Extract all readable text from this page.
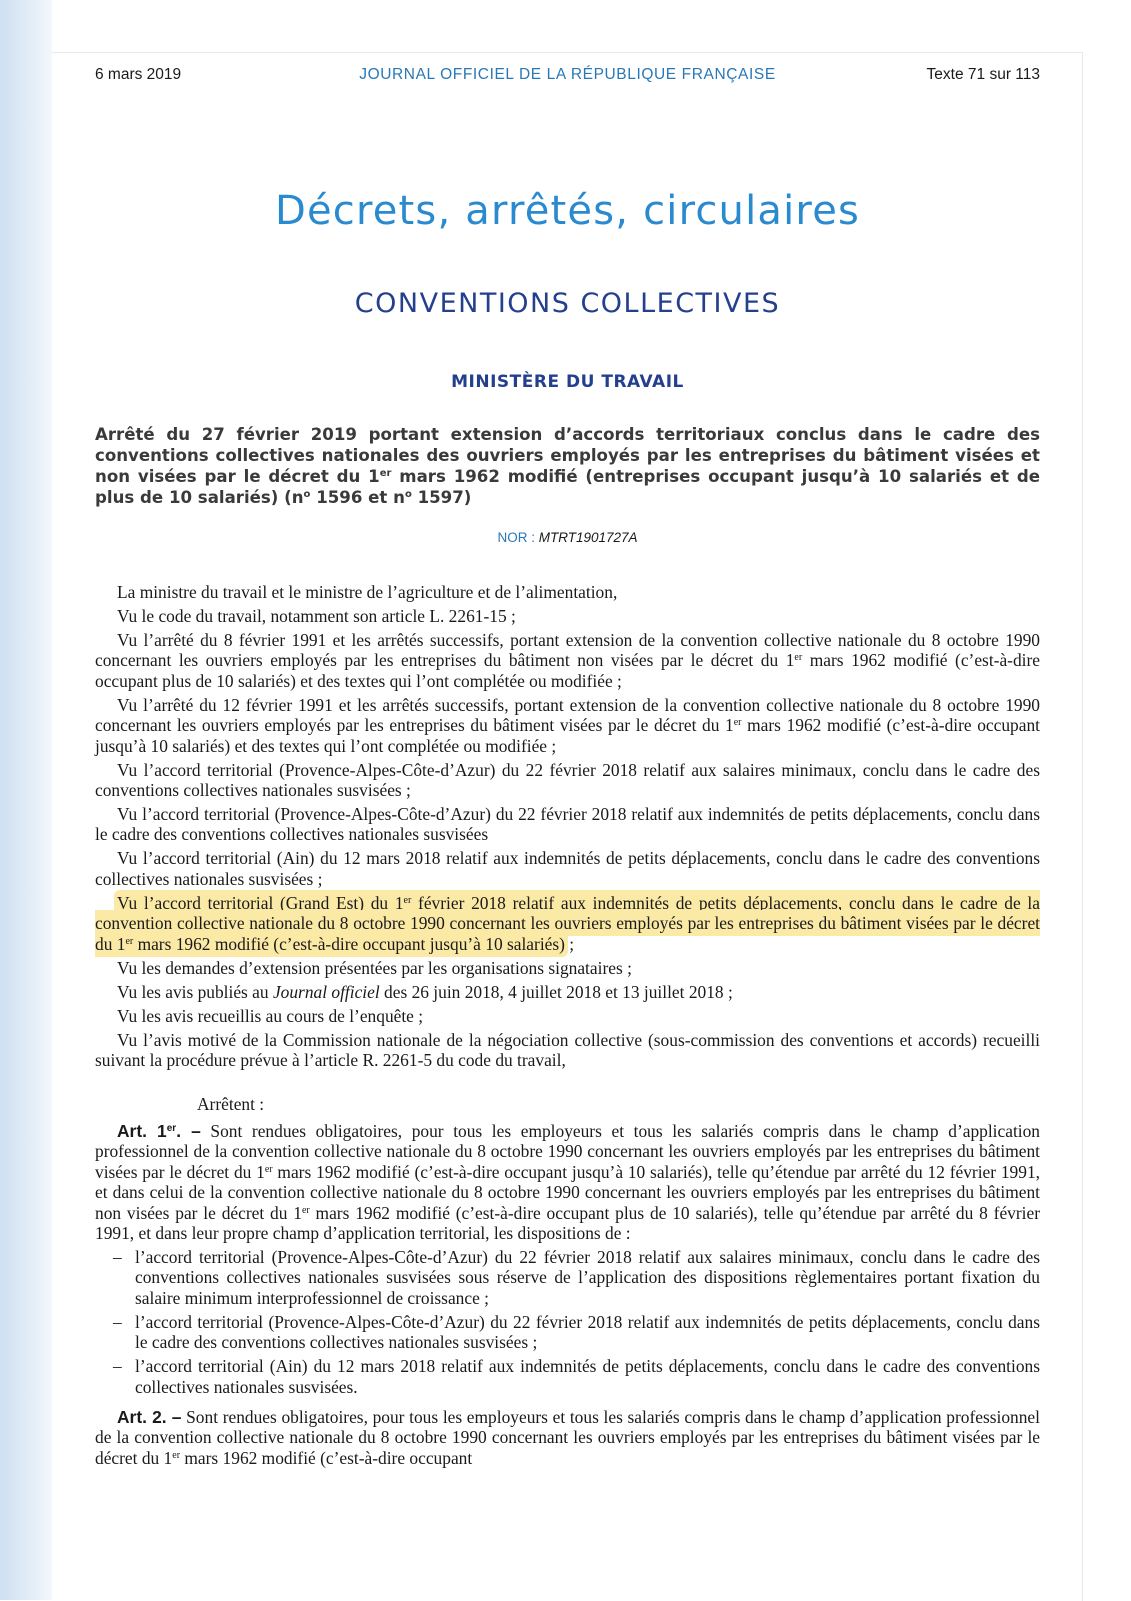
6 mars 2019	JOURNAL OFFICIEL DE LA RÉPUBLIQUE FRANÇAISE	Texte 71 sur 113
Décrets, arrêtés, circulaires
CONVENTIONS COLLECTIVES
MINISTÈRE DU TRAVAIL
Arrêté du 27 février 2019 portant extension d’accords territoriaux conclus dans le cadre des conventions collectives nationales des ouvriers employés par les entreprises du bâtiment visées et non visées par le décret du 1er mars 1962 modifié (entreprises occupant jusqu’à 10 salariés et de plus de 10 salariés) ($n^o$ 1596 et $n^o$ 1597)
NOR : MTRT1901727A

La ministre du travail et le ministre de l’agriculture et de l’alimentation,

Vu le code du travail, notamment son article L. 2261-15 ;

Vu l’arrêté du 8 février 1991 et les arrêtés successifs, portant extension de la convention collective nationale du 8 octobre 1990 concernant les ouvriers employés par les entreprises du bâtiment non visées par le décret du 1er mars 1962 modifié (c’est-à-dire occupant plus de 10 salariés) et des textes qui l’ont complétée ou modifiée ;

Vu l’arrêté du 12 février 1991 et les arrêtés successifs, portant extension de la convention collective nationale du 8 octobre 1990 concernant les ouvriers employés par les entreprises du bâtiment visées par le décret du 1er mars 1962 modifié (c’est-à-dire occupant jusqu’à 10 salariés) et des textes qui l’ont complétée ou modifiée ;

Vu l’accord territorial (Provence-Alpes-Côte-d’Azur) du 22 février 2018 relatif aux salaires minimaux, conclu dans le cadre des conventions collectives nationales susvisées ;

Vu l’accord territorial (Provence-Alpes-Côte-d’Azur) du 22 février 2018 relatif aux indemnités de petits déplacements, conclu dans le cadre des conventions collectives nationales susvisées

Vu l’accord territorial (Ain) du 12 mars 2018 relatif aux indemnités de petits déplacements, conclu dans le cadre des conventions collectives nationales susvisées ;

Vu l’accord territorial (Grand Est) du 1er février 2018 relatif aux indemnités de petits déplacements, conclu dans le cadre de la convention collective nationale du 8 octobre 1990 concernant les ouvriers employés par les entreprises du bâtiment visées par le décret du 1er mars 1962 modifié (c’est-à-dire occupant jusqu’à 10 salariés) ;

Vu les demandes d’extension présentées par les organisations signataires ;

Vu les avis publiés au Journal officiel des 26 juin 2018, 4 juillet 2018 et 13 juillet 2018 ;

Vu les avis recueillis au cours de l’enquête ;

Vu l’avis motivé de la Commission nationale de la négociation collective (sous-commission des conventions et accords) recueilli suivant la procédure prévue à l’article R. 2261-5 du code du travail,

Arrêtent :

Art. 1er. – Sont rendues obligatoires, pour tous les employeurs et tous les salariés compris dans le champ d’application professionnel de la convention collective nationale du 8 octobre 1990 concernant les ouvriers employés par les entreprises du bâtiment visées par le décret du 1er mars 1962 modifié (c’est-à-dire occupant jusqu’à 10 salariés), telle qu’étendue par arrêté du 12 février 1991, et dans celui de la convention collective nationale du 8 octobre 1990 concernant les ouvriers employés par les entreprises du bâtiment non visées par le décret du 1er mars 1962 modifié (c’est-à-dire occupant plus de 10 salariés), telle qu’étendue par arrêté du 8 février 1991, et dans leur propre champ d’application territorial, les dispositions de :

– l’accord territorial (Provence-Alpes-Côte-d’Azur) du 22 février 2018 relatif aux salaires minimaux, conclu dans le cadre des conventions collectives nationales susvisées sous réserve de l’application des dispositions règlementaires portant fixation du salaire minimum interprofessionnel de croissance ;
– l’accord territorial (Provence-Alpes-Côte-d’Azur) du 22 février 2018 relatif aux indemnités de petits déplacements, conclu dans le cadre des conventions collectives nationales susvisées ;
– l’accord territorial (Ain) du 12 mars 2018 relatif aux indemnités de petits déplacements, conclu dans le cadre des conventions collectives nationales susvisées.

Art. 2. – Sont rendues obligatoires, pour tous les employeurs et tous les salariés compris dans le champ d’application professionnel de la convention collective nationale du 8 octobre 1990 concernant les ouvriers employés par les entreprises du bâtiment visées par le décret du 1er mars 1962 modifié (c’est-à-dire occupant
